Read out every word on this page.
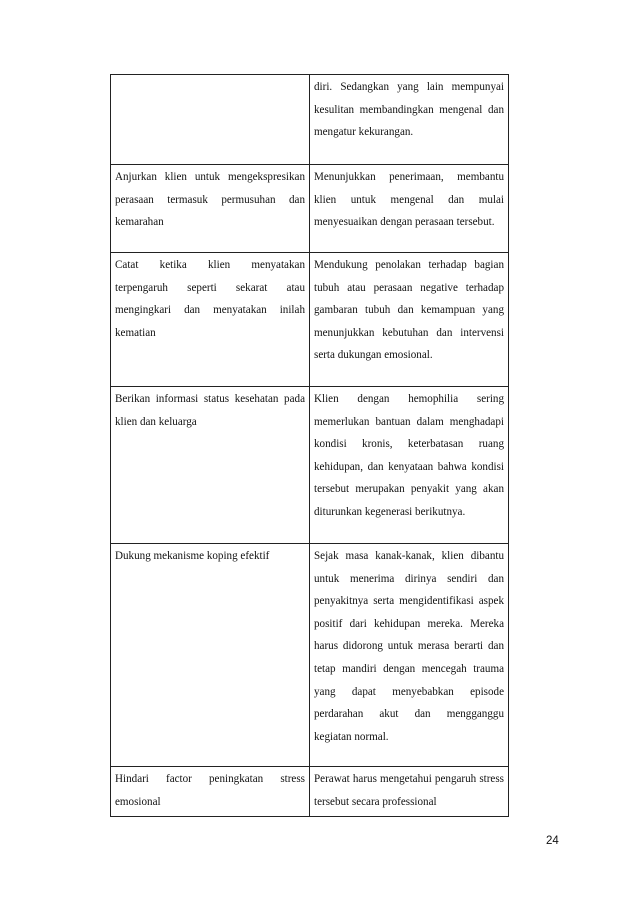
	diri. Sedangkan yang lain mempunyai kesulitan membandingkan mengenal dan mengatur kekurangan.

Anjurkan klien untuk mengekspresikan perasaan termasuk permusuhan dan kemarahan	Menunjukkan penerimaan, membantu klien untuk mengenal dan mulai menyesuaikan dengan perasaan tersebut.

Catat ketika klien menyatakan terpengaruh seperti sekarat atau mengingkari dan menyatakan inilah kematian	Mendukung penolakan terhadap bagian tubuh atau perasaan negative terhadap gambaran tubuh dan kemampuan yang menunjukkan kebutuhan dan intervensi serta dukungan emosional.

Berikan informasi status kesehatan pada klien dan keluarga	Klien dengan hemophilia sering memerlukan bantuan dalam menghadapi kondisi kronis, keterbatasan ruang kehidupan, dan kenyataan bahwa kondisi tersebut merupakan penyakit yang akan diturunkan kegenerasi berikutnya.

Dukung mekanisme koping efektif	Sejak masa kanak-kanak, klien dibantu untuk menerima dirinya sendiri dan penyakitnya serta mengidentifikasi aspek positif dari kehidupan mereka. Mereka harus didorong untuk merasa berarti dan tetap mandiri dengan mencegah trauma yang dapat menyebabkan episode perdarahan akut dan mengganggu kegiatan normal.

Hindari factor peningkatan stress emosional	Perawat harus mengetahui pengaruh stress tersebut secara professional
24
